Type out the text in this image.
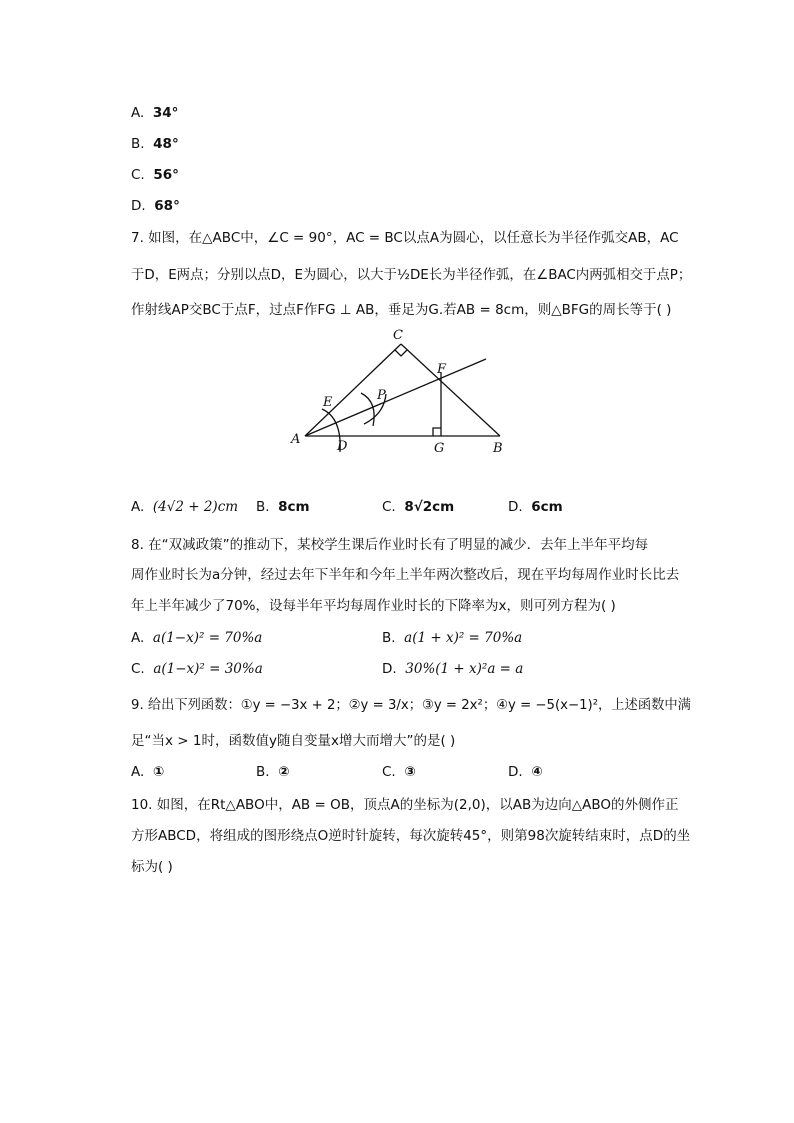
A. 34°
B. 48°
C. 56°
D. 68°
7. 如图，在△ABC中，∠C = 90°，AC = BC以点A为圆心，以任意长为半径作弧交AB，AC
于D，E两点；分别以点D，E为圆心，以大于½DE长为半径作弧，在∠BAC内两弧相交于点P；
作射线AP交BC于点F，过点F作FG ⊥ AB，垂足为G.若AB = 8cm，则△BFG的周长等于( )
A
B
C
D
E
F
G
P
A. (4√2 + 2)cm B. 8cm	C. 8√2cm	D. 6cm
8. 在“双减政策”的推动下，某校学生课后作业时长有了明显的减少．去年上半年平均每
周作业时长为a分钟，经过去年下半年和今年上半年两次整改后，现在平均每周作业时长比去
年上半年减少了70%，设每半年平均每周作业时长的下降率为x，则可列方程为( )
A. a(1−x)² = 70%a	B. a(1 + x)² = 70%a
C. a(1−x)² = 30%a	D. 30%(1 + x)²a = a
9. 给出下列函数：①y = −3x + 2；②y = 3/x；③y = 2x²；④y = −5(x−1)²，上述函数中满
足“当x > 1时，函数值y随自变量x增大而增大”的是( )
A. ①	B. ②	C. ③	D. ④
10. 如图，在Rt△ABO中，AB = OB，顶点A的坐标为(2,0)，以AB为边向△ABO的外侧作正
方形ABCD，将组成的图形绕点O逆时针旋转，每次旋转45°，则第98次旋转结束时，点D的坐
标为( )
